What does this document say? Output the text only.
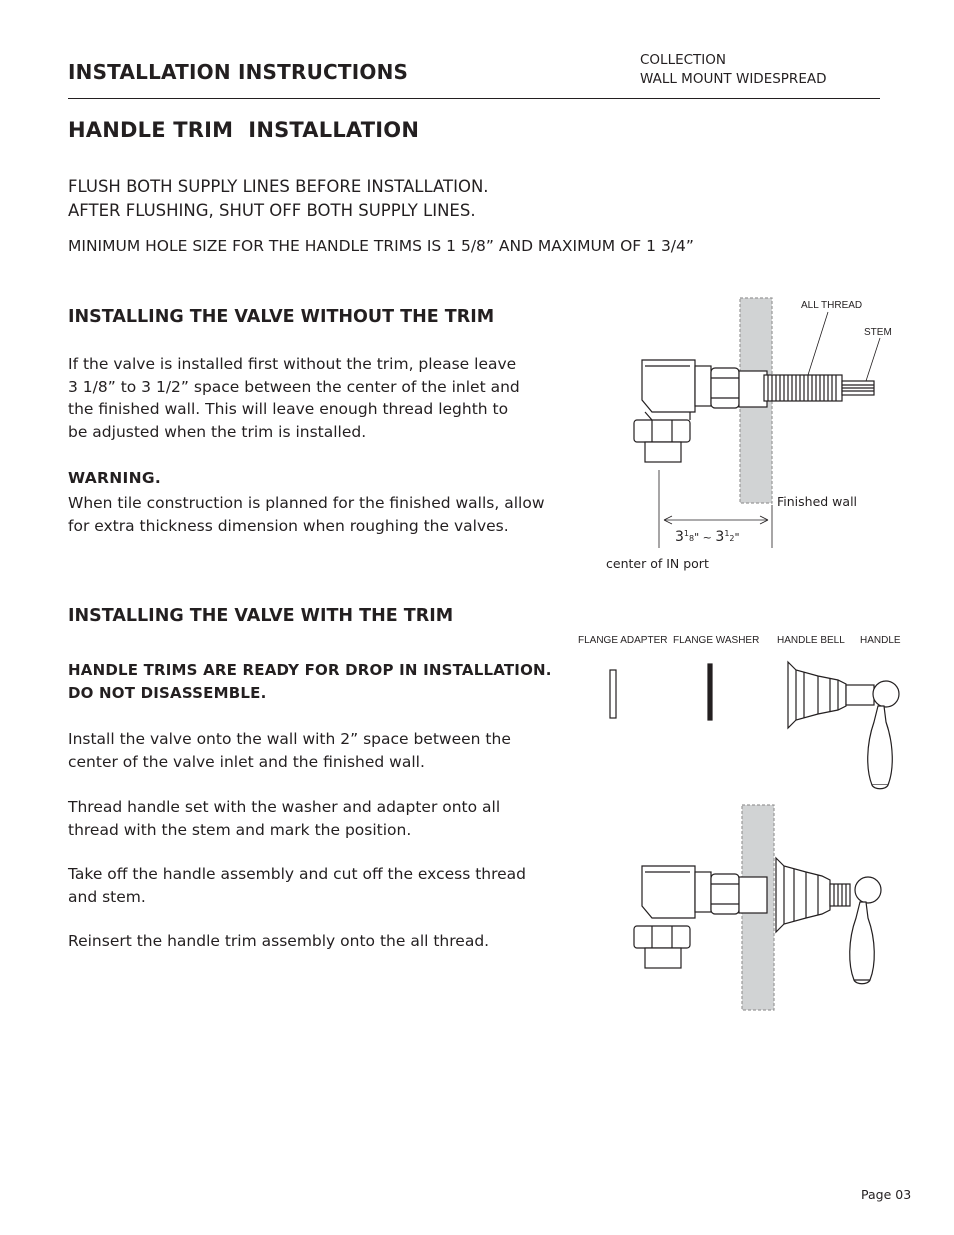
INSTALLATION INSTRUCTIONS	COLLECTION
WALL MOUNT WIDESPREAD
HANDLE TRIM  INSTALLATION
FLUSH BOTH SUPPLY LINES BEFORE INSTALLATION.
AFTER FLUSHING, SHUT OFF BOTH SUPPLY LINES.
MINIMUM HOLE SIZE FOR THE HANDLE TRIMS IS 1 5/8” AND MAXIMUM OF 1 3/4”
INSTALLING THE VALVE WITHOUT THE TRIM
If the valve is installed first without the trim, please leave
3 1/8” to 3 1/2” space between the center of the inlet and
the finished wall. This will leave enough thread leghth to
be adjusted when the trim is installed.
WARNING.
When tile construction is planned for the finished walls, allow
for extra thickness dimension when roughing the valves.
INSTALLING THE VALVE WITH THE TRIM
HANDLE TRIMS ARE READY FOR DROP IN INSTALLATION.
DO NOT DISASSEMBLE.
Install the valve onto the wall with 2” space between the
center of the valve inlet and the finished wall.
Thread handle set with the washer and adapter onto all
thread with the stem and mark the position.
Take off the handle assembly and cut off the excess thread
and stem.
Reinsert the handle trim assembly onto the all thread.
ALL THREAD
STEM
Finished wall
$3^18$" ~ $3^12$"
center of IN port
FLANGE ADAPTER FLANGE WASHER HANDLE BELL HANDLE
Page 03
